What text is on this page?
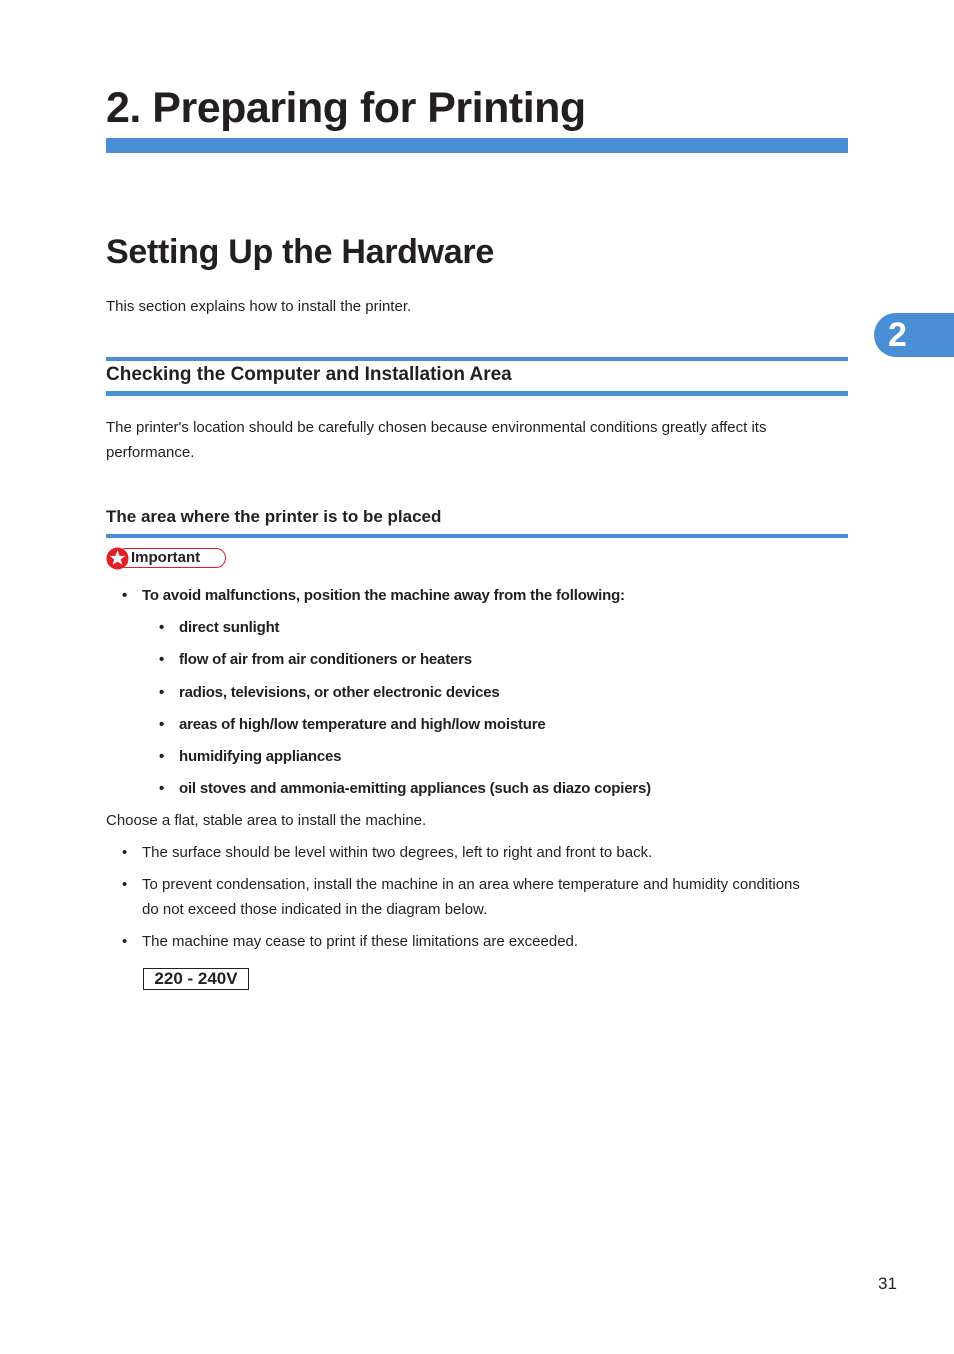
2. Preparing for Printing
2
Setting Up the Hardware
This section explains how to install the printer.
Checking the Computer and Installation Area
The printer's location should be carefully chosen because environmental conditions greatly affect its
performance.
The area where the printer is to be placed
Important
• To avoid malfunctions, position the machine away from the following:
• direct sunlight
• flow of air from air conditioners or heaters
• radios, televisions, or other electronic devices
• areas of high/low temperature and high/low moisture
• humidifying appliances
• oil stoves and ammonia-emitting appliances (such as diazo copiers)
Choose a flat, stable area to install the machine.
• The surface should be level within two degrees, left to right and front to back.
• To prevent condensation, install the machine in an area where temperature and humidity conditions
do not exceed those indicated in the diagram below.
• The machine may cease to print if these limitations are exceeded.
220 - 240V
31
